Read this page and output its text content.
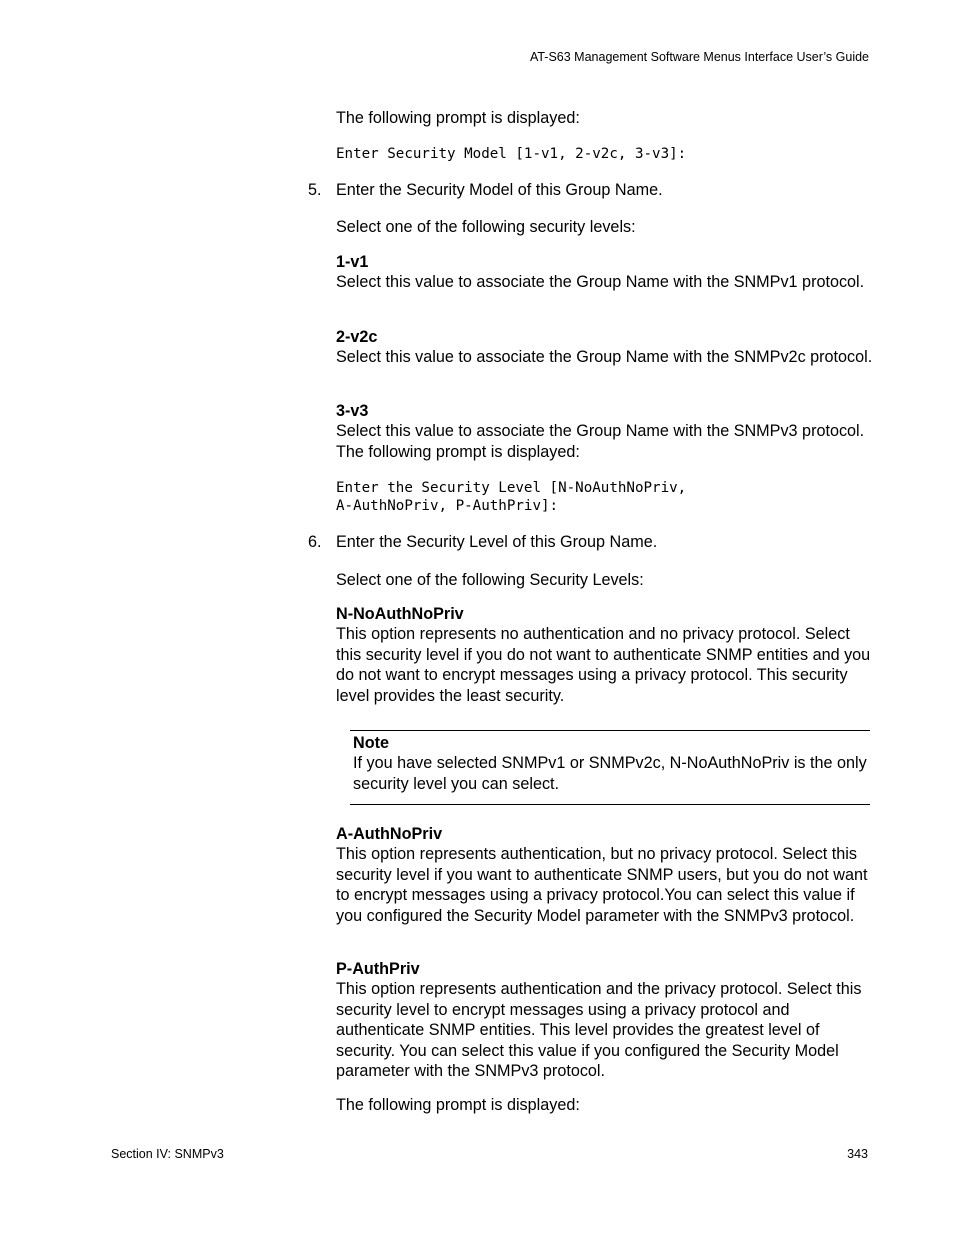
AT-S63 Management Software Menus Interface User’s Guide

The following prompt is displayed:

Enter Security Model [1-v1, 2-v2c, 3-v3]:
5. Enter the Security Model of this Group Name.

Select one of the following security levels:

1-v1
Select this value to associate the Group Name with the SNMPv1 protocol.
2-v2c
Select this value to associate the Group Name with the SNMPv2c protocol.
3-v3
Select this value to associate the Group Name with the SNMPv3 protocol. The following prompt is displayed:
Enter the Security Level [N-NoAuthNoPriv,
A-AuthNoPriv, P-AuthPriv]:
6. Enter the Security Level of this Group Name.

Select one of the following Security Levels:

N-NoAuthNoPriv
This option represents no authentication and no privacy protocol. Select this security level if you do not want to authenticate SNMP entities and you do not want to encrypt messages using a privacy protocol. This security level provides the least security.
Note
If you have selected SNMPv1 or SNMPv2c, N-NoAuthNoPriv is the only security level you can select.
A-AuthNoPriv
This option represents authentication, but no privacy protocol. Select this security level if you want to authenticate SNMP users, but you do not want to encrypt messages using a privacy protocol.You can select this value if you configured the Security Model parameter with the SNMPv3 protocol.
P-AuthPriv
This option represents authentication and the privacy protocol. Select this security level to encrypt messages using a privacy protocol and authenticate SNMP entities. This level provides the greatest level of security. You can select this value if you configured the Security Model parameter with the SNMPv3 protocol.

The following prompt is displayed:

Section IV: SNMPv3	343
